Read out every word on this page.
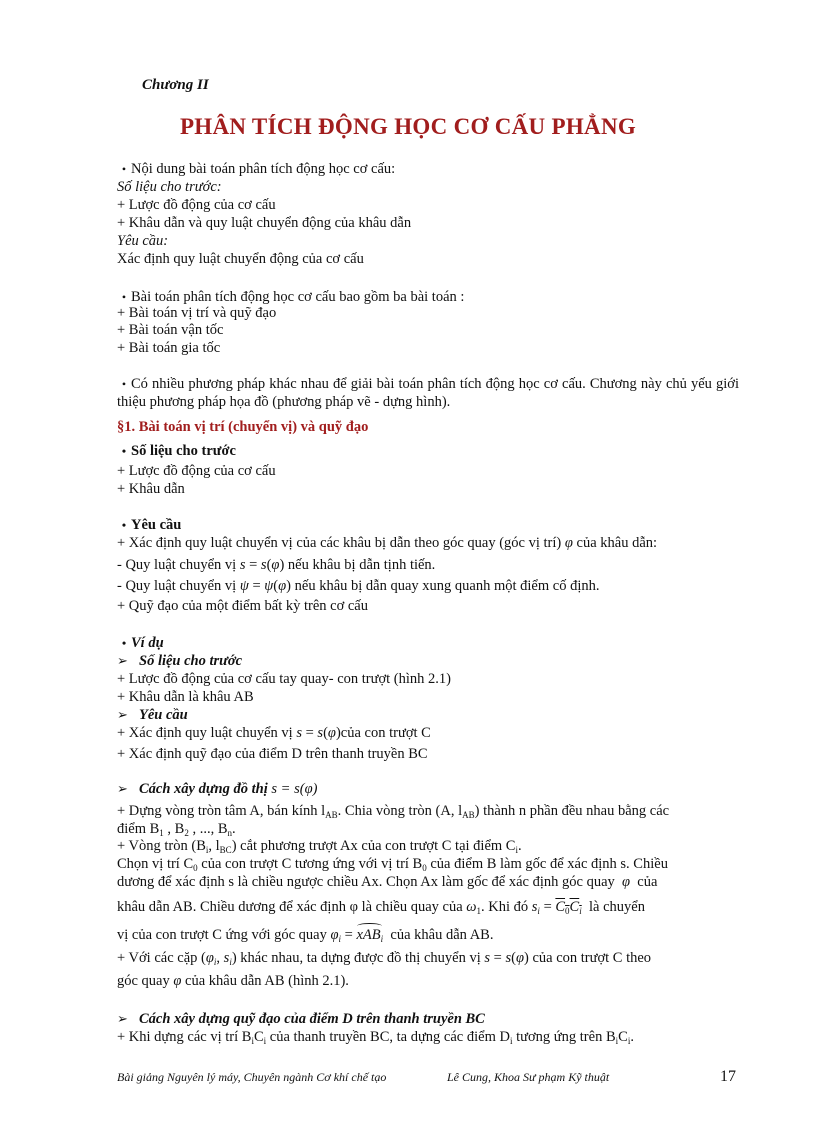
Chương II
PHÂN TÍCH ĐỘNG HỌC CƠ CẤU PHẲNG
• Nội dung bài toán phân tích động học cơ cấu:
Số liệu cho trước:
+ Lược đồ động của cơ cấu
+ Khâu dẫn và quy luật chuyển động của khâu dẫn
Yêu cầu:
Xác định quy luật chuyển động của cơ cấu
• Bài toán phân tích động học cơ cấu bao gồm ba bài toán :
+ Bài toán vị trí và quỹ đạo
+ Bài toán vận tốc
+ Bài toán gia tốc
• Có nhiều phương pháp khác nhau để giải bài toán phân tích động học cơ cấu. Chương này chủ yếu giới thiệu phương pháp họa đồ (phương pháp vẽ - dựng hình).
§1. Bài toán vị trí (chuyển vị) và quỹ đạo
• Số liệu cho trước
+ Lược đồ động của cơ cấu
+ Khâu dẫn
• Yêu cầu
+ Xác định quy luật chuyển vị của các khâu bị dẫn theo góc quay (góc vị trí) φ của khâu dẫn:
- Quy luật chuyển vị s = s(φ) nếu khâu bị dẫn tịnh tiến.
- Quy luật chuyển vị ψ = ψ(φ) nếu khâu bị dẫn quay xung quanh một điểm cố định.
+ Quỹ đạo của một điểm bất kỳ trên cơ cấu
• Ví dụ
➢ Số liệu cho trước
+ Lược đồ động của cơ cấu tay quay- con trượt (hình 2.1)
+ Khâu dẫn là khâu AB
➢ Yêu cầu
+ Xác định quy luật chuyển vị s = s(φ)của con trượt C
+ Xác định quỹ đạo của điểm D trên thanh truyền BC
➢ Cách xây dựng đồ thị s = s(φ)
+ Dựng vòng tròn tâm A, bán kính $l_{AB}$. Chia vòng tròn (A, $l_{AB}$) thành n phần đều nhau bằng các
điểm $B_1$ , $B_2$ , ..., $B_n$.
+ Vòng tròn ($B_i$, $l_{BC}$) cắt phương trượt Ax của con trượt C tại điểm $C_i$.
Chọn vị trí $C_0$ của con trượt C tương ứng với vị trí $B_0$ của điểm B làm gốc để xác định s. Chiều
dương để xác định s là chiều ngược chiều Ax. Chọn Ax làm gốc để xác định góc quay φ của
khâu dẫn AB. Chiều dương để xác định φ là chiều quay của $\omega_1$. Khi đó $s_i = C_0C_i$ là chuyển
vị của con trượt C ứng với góc quay $\varphi_i = xAB_i$ của khâu dẫn AB.
+ Với các cặp ($\varphi_i$, $s_i$) khác nhau, ta dựng được đồ thị chuyển vị s = s(φ) của con trượt C theo
góc quay φ của khâu dẫn AB (hình 2.1).
➢ Cách xây dựng quỹ đạo của điểm D trên thanh truyền BC
+ Khi dựng các vị trí $B_iC_i$ của thanh truyền BC, ta dựng các điểm $D_i$ tương ứng trên $B_iC_i$.
Bài giảng Nguyên lý máy, Chuyên ngành Cơ khí chế tạo	Lê Cung, Khoa Sư phạm Kỹ thuật	17
